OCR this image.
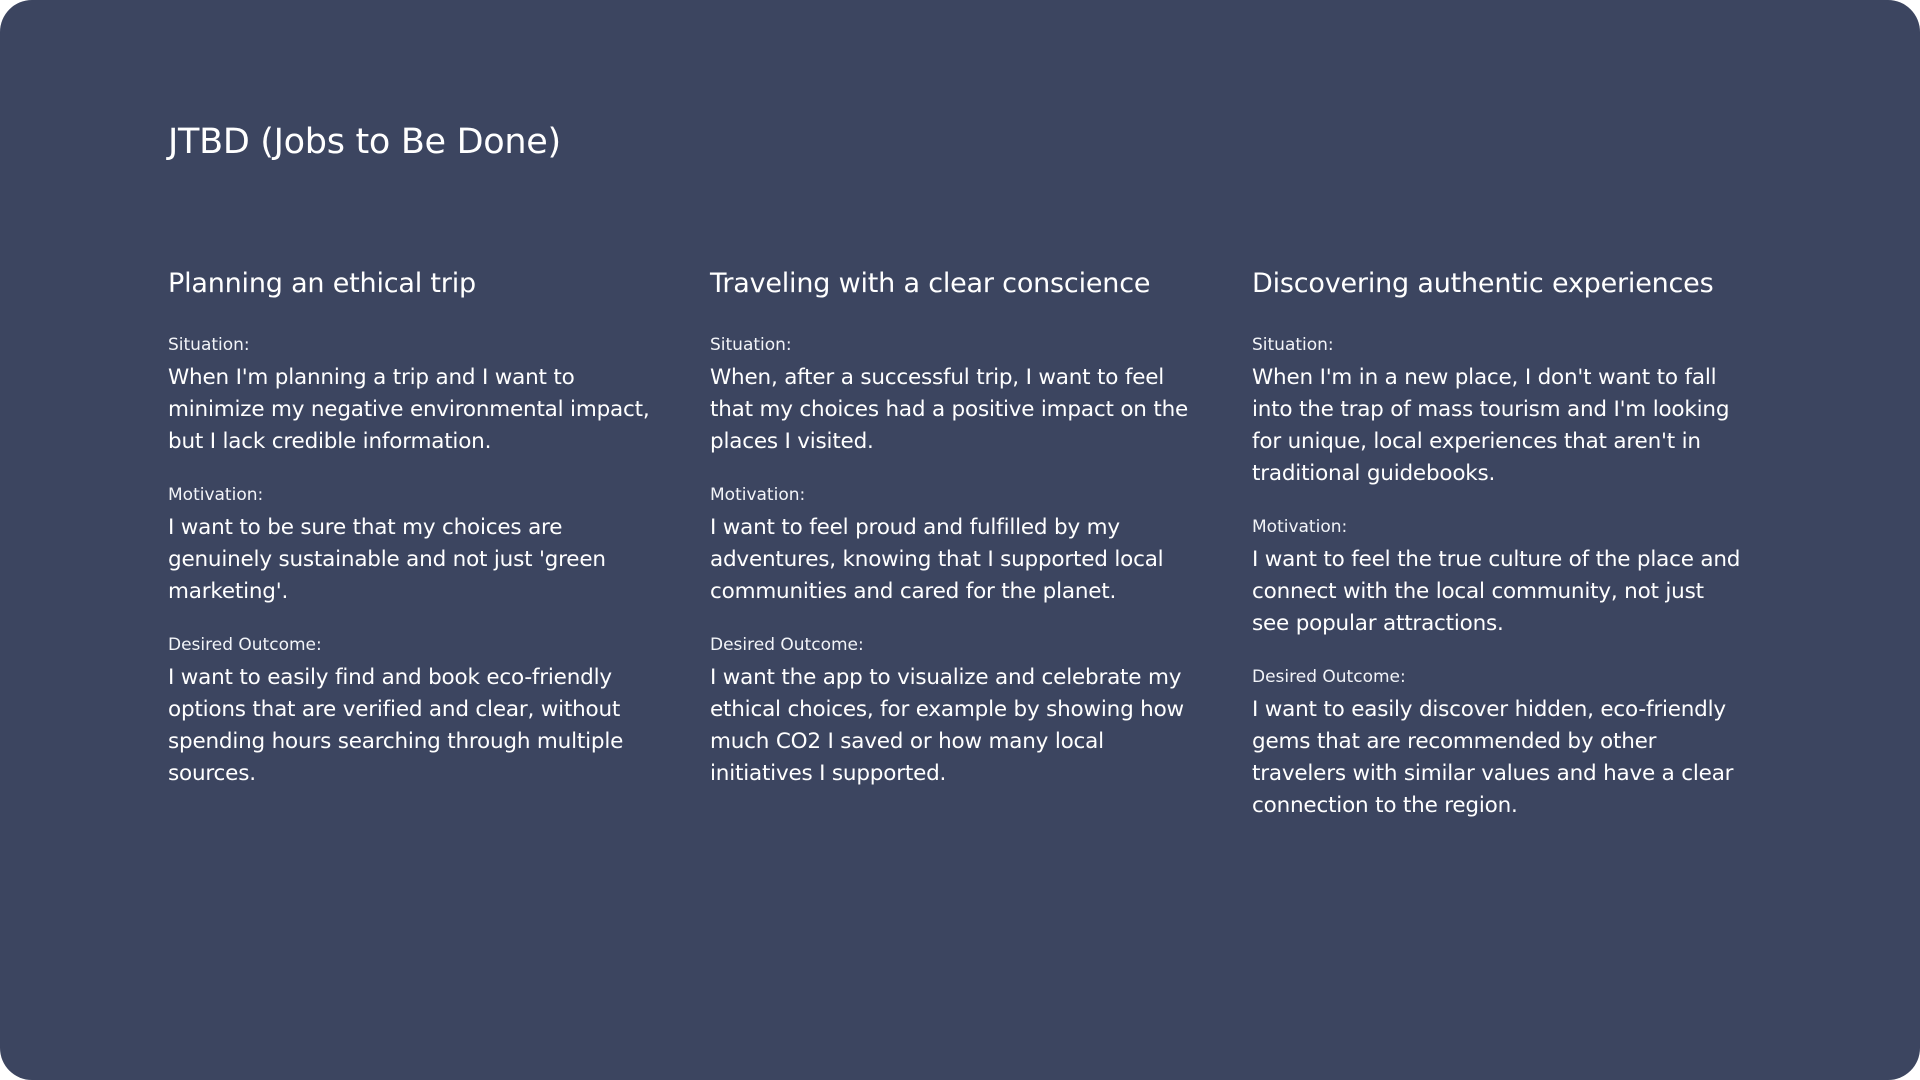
JTBD (Jobs to Be Done)
Planning an ethical trip
Situation:
When I'm planning a trip and I want to minimize my negative environmental impact, but I lack credible information.
Motivation:
I want to be sure that my choices are genuinely sustainable and not just 'green marketing'.
Desired Outcome:
I want to easily find and book eco-friendly options that are verified and clear, without spending hours searching through multiple sources.
Traveling with a clear conscience
Situation:
When, after a successful trip, I want to feel that my choices had a positive impact on the places I visited.
Motivation:
I want to feel proud and fulfilled by my adventures, knowing that I supported local communities and cared for the planet.
Desired Outcome:
I want the app to visualize and celebrate my ethical choices, for example by showing how much CO2 I saved or how many local initiatives I supported.
Discovering authentic experiences
Situation:
When I'm in a new place, I don't want to fall into the trap of mass tourism and I'm looking for unique, local experiences that aren't in traditional guidebooks.
Motivation:
I want to feel the true culture of the place and connect with the local community, not just see popular attractions.
Desired Outcome:
I want to easily discover hidden, eco-friendly gems that are recommended by other travelers with similar values and have a clear connection to the region.
